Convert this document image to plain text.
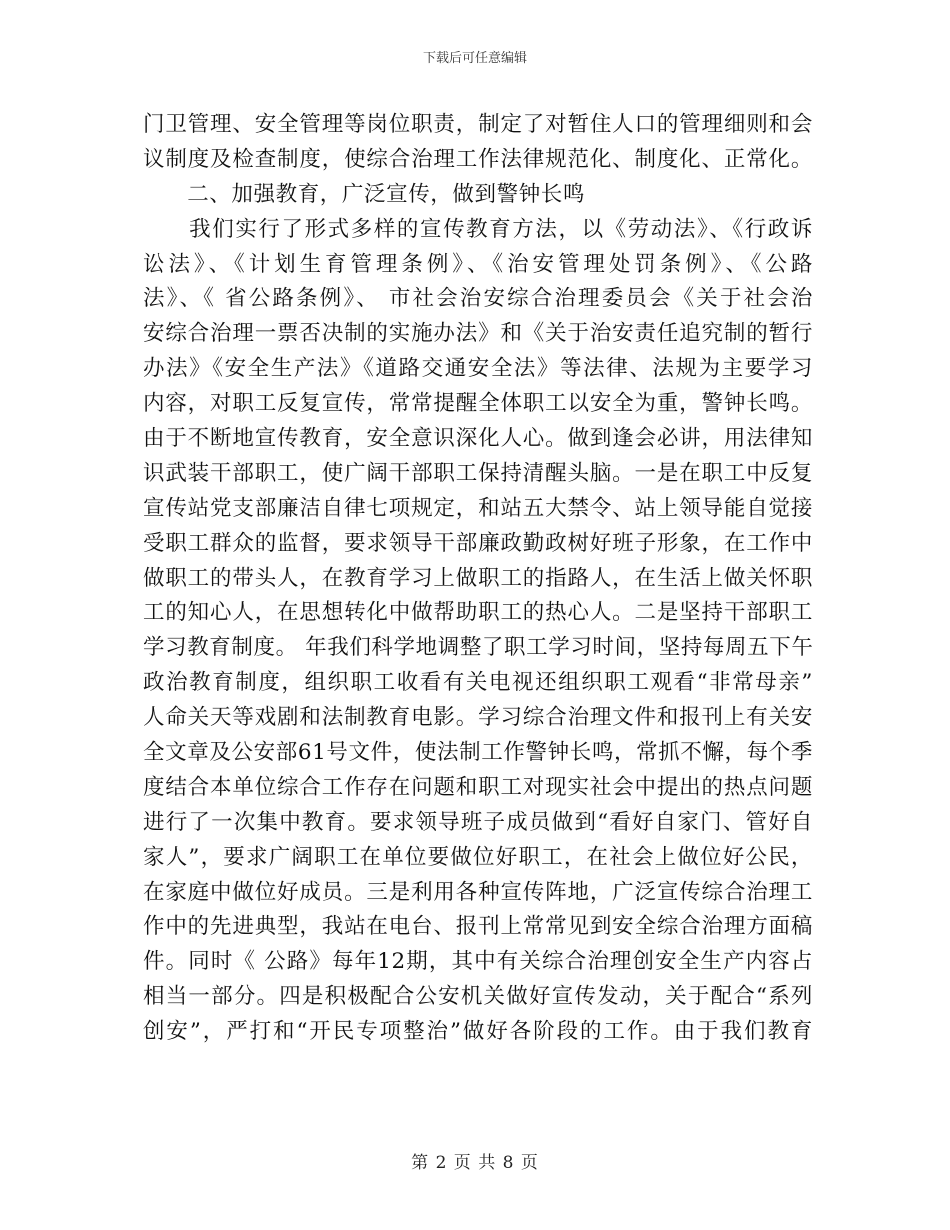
下载后可任意编辑
门卫管理、安全管理等岗位职责，制定了对暂住人口的管理细则和会
议制度及检查制度，使综合治理工作法律规范化、制度化、正常化。
　　二、加强教育，广泛宣传，做到警钟长鸣
　　我们实行了形式多样的宣传教育方法，以《劳动法》、《行政诉
讼法》、《计划生育管理条例》、《治安管理处罚条例》、《公路
法》、《 省公路条例》、 市社会治安综合治理委员会《关于社会治
安综合治理一票否决制的实施办法》和《关于治安责任追究制的暂行
办法》《安全生产法》《道路交通安全法》等法律、法规为主要学习
内容，对职工反复宣传，常常提醒全体职工以安全为重，警钟长鸣。
由于不断地宣传教育，安全意识深化人心。做到逢会必讲，用法律知
识武装干部职工，使广阔干部职工保持清醒头脑。一是在职工中反复
宣传站党支部廉洁自律七项规定，和站五大禁令、站上领导能自觉接
受职工群众的监督，要求领导干部廉政勤政树好班子形象，在工作中
做职工的带头人，在教育学习上做职工的指路人，在生活上做关怀职
工的知心人，在思想转化中做帮助职工的热心人。二是坚持干部职工
学习教育制度。 年我们科学地调整了职工学习时间，坚持每周五下午
政治教育制度，组织职工收看有关电视还组织职工观看“非常母亲”
人命关天等戏剧和法制教育电影。学习综合治理文件和报刊上有关安
全文章及公安部61号文件，使法制工作警钟长鸣，常抓不懈，每个季
度结合本单位综合工作存在问题和职工对现实社会中提出的热点问题
进行了一次集中教育。要求领导班子成员做到“看好自家门、管好自
家人”，要求广阔职工在单位要做位好职工，在社会上做位好公民，
在家庭中做位好成员。三是利用各种宣传阵地，广泛宣传综合治理工
作中的先进典型，我站在电台、报刊上常常见到安全综合治理方面稿
件。同时《 公路》每年12期，其中有关综合治理创安全生产内容占
相当一部分。四是积极配合公安机关做好宣传发动，关于配合“系列
创安”，严打和“开民专项整治”做好各阶段的工作。由于我们教育
第 2 页 共 8 页
